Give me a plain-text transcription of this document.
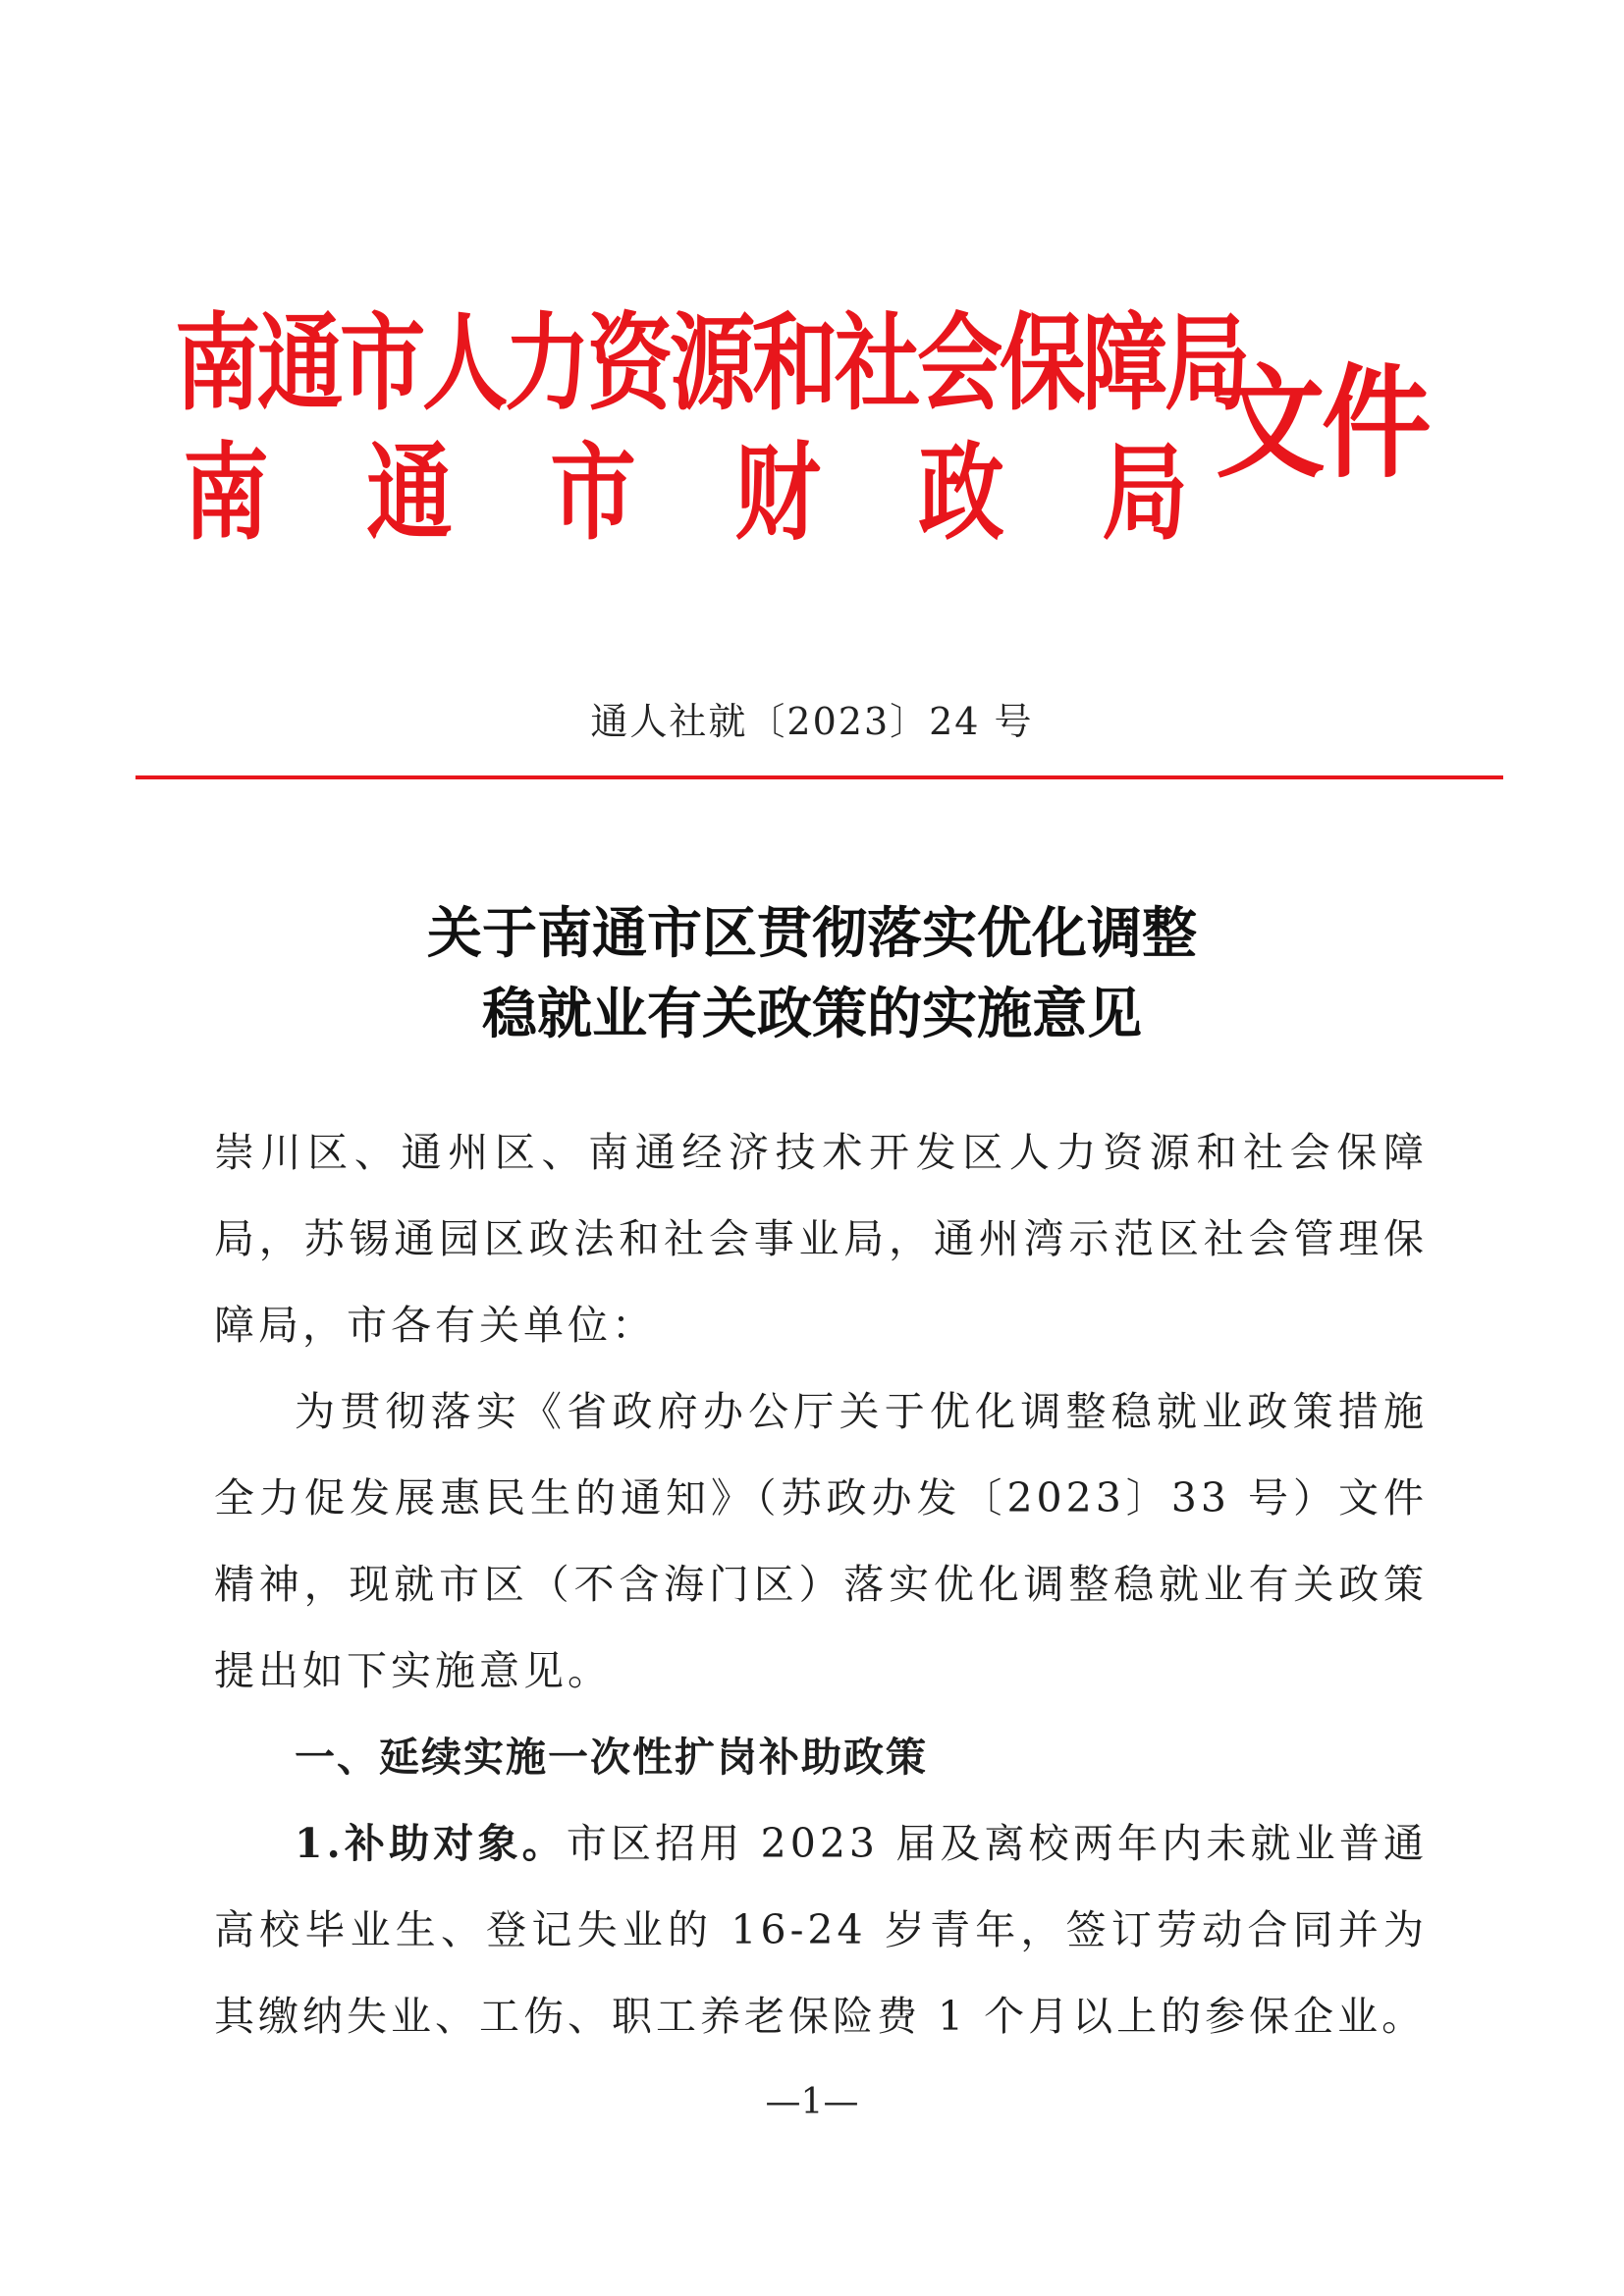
南通市人力资源和社会保障局
南 通 市 财 政 局 文件
通人社就〔2023〕24 号
关于南通市区贯彻落实优化调整
稳就业有关政策的实施意见

崇川区、通州区、南通经济技术开发区人力资源和社会保障局，苏锡通园区政法和社会事业局，通州湾示范区社会管理保障局，市各有关单位：

为贯彻落实《省政府办公厅关于优化调整稳就业政策措施全力促发展惠民生的通知》（苏政办发〔2023〕33 号）文件精神，现就市区（不含海门区）落实优化调整稳就业有关政策提出如下实施意见。

一、延续实施一次性扩岗补助政策

1.补助对象。市区招用 2023 届及离校两年内未就业普通高校毕业生、登记失业的 16-24 岁青年，签订劳动合同并为其缴纳失业、工伤、职工养老保险费 1 个月以上的参保企业。

—1—
